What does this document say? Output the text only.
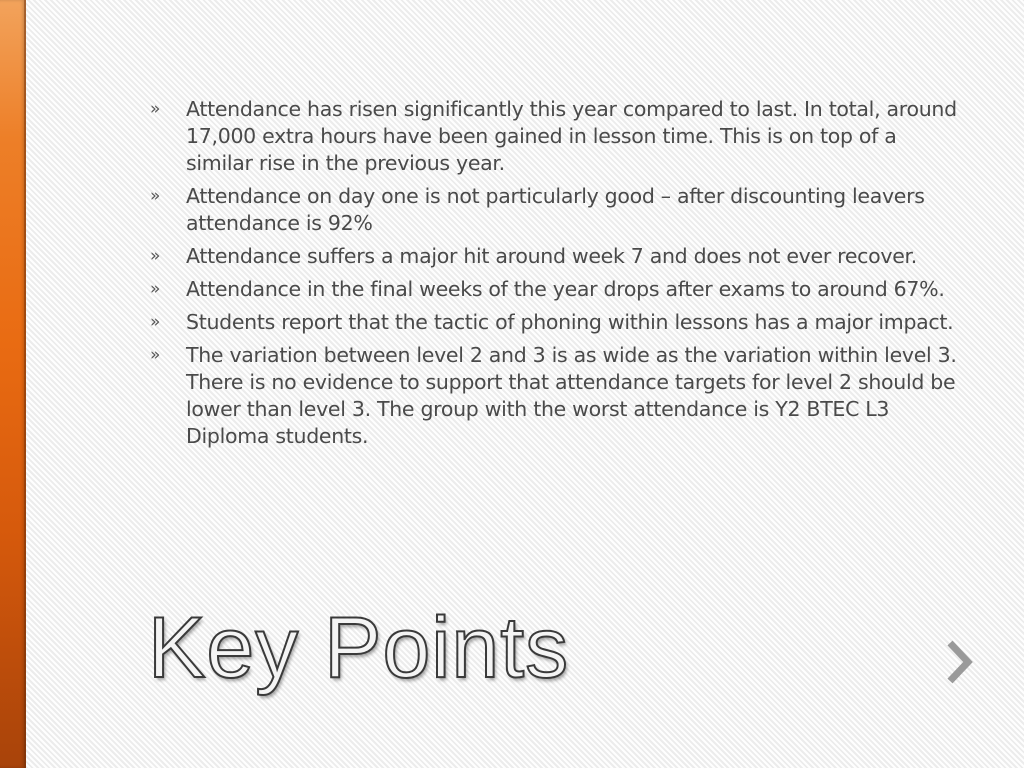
»	Attendance has risen significantly this year compared to last. In total, around 17,000 extra hours have been gained in lesson time. This is on top of a similar rise in the previous year.
»	Attendance on day one is not particularly good – after discounting leavers attendance is 92%
»	Attendance suffers a major hit around week 7 and does not ever recover.
»	Attendance in the final weeks of the year drops after exams to around 67%.
»	Students report that the tactic of phoning within lessons has a major impact.
»	The variation between level 2 and 3 is as wide as the variation within level 3. There is no evidence to support that attendance targets for level 2 should be lower than level 3. The group with the worst attendance is Y2 BTEC L3 Diploma students.
Key Points
